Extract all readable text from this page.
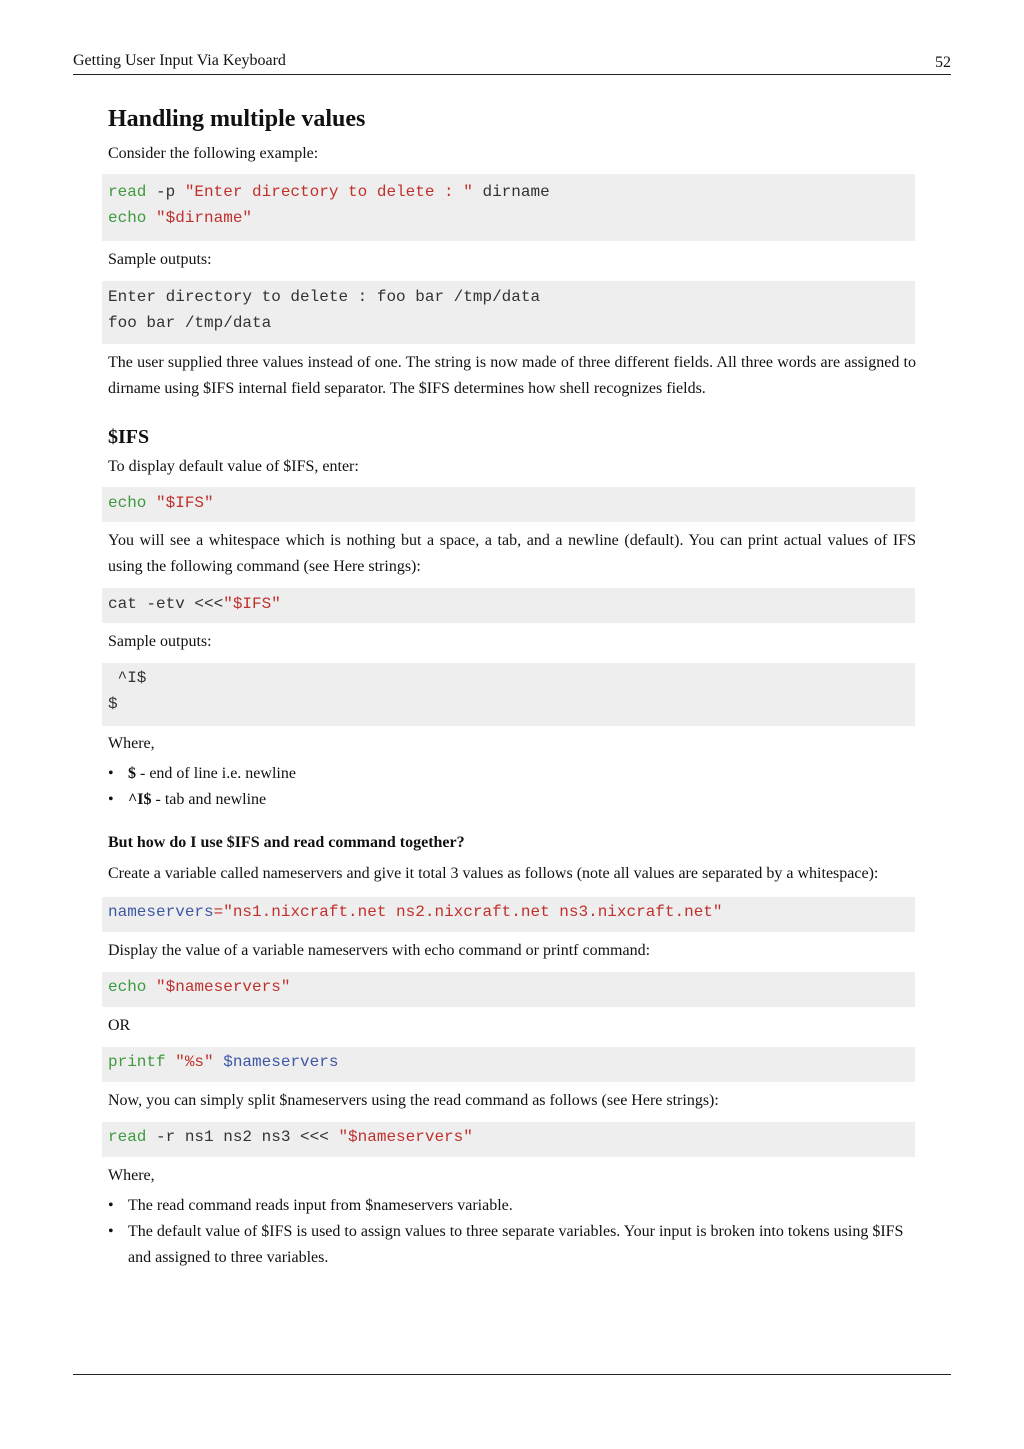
Getting User Input Via Keyboard	52
Handling multiple values

Consider the following example:

read -p "Enter directory to delete : " dirname
echo "$dirname"

Sample outputs:

Enter directory to delete : foo bar /tmp/data
foo bar /tmp/data

The user supplied three values instead of one. The string is now made of three different fields. All three words are assigned to dirname using $IFS internal field separator. The $IFS determines how shell recognizes fields.

$IFS

To display default value of $IFS, enter:

echo "$IFS"

You will see a whitespace which is nothing but a space, a tab, and a newline (default). You can print actual values of IFS using the following command (see Here strings):

cat -etv <<<"$IFS"

Sample outputs:

^I$
$

Where,

• $ - end of line i.e. newline
• ^I$ - tab and newline
But how do I use $IFS and read command together?

Create a variable called nameservers and give it total 3 values as follows (note all values are separated by a whitespace):

nameservers="ns1.nixcraft.net ns2.nixcraft.net ns3.nixcraft.net"

Display the value of a variable nameservers with echo command or printf command:

echo "$nameservers"

OR

printf "%s" $nameservers

Now, you can simply split $nameservers using the read command as follows (see Here strings):

read -r ns1 ns2 ns3 <<< "$nameservers"

Where,

• The read command reads input from $nameservers variable.
• The default value of $IFS is used to assign values to three separate variables. Your input is broken into tokens using $IFS and assigned to three variables.
